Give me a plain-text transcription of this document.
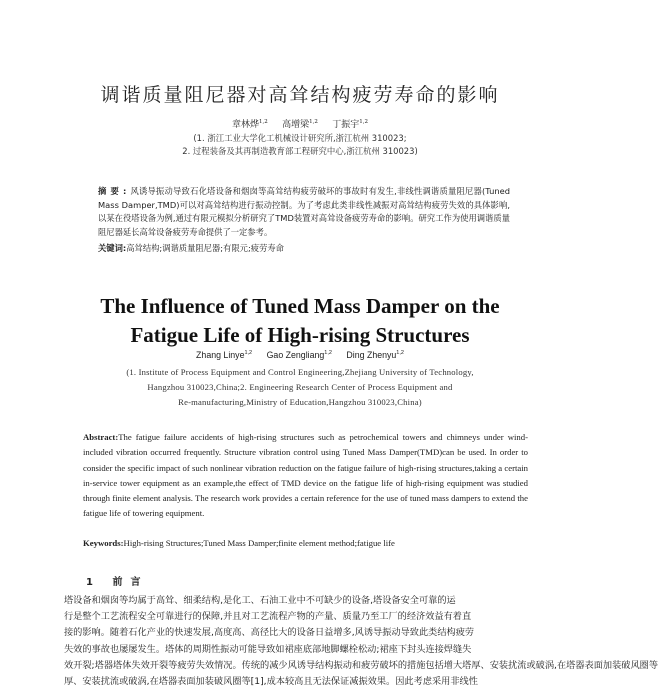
调谐质量阻尼器对高耸结构疲劳寿命的影响
章林烨$^{1,2}$ 高增梁$^{1,2}$ 丁振宇$^{1,2}$
(1. 浙江工业大学化工机械设计研究所,浙江杭州 310023;
2. 过程装备及其再制造教育部工程研究中心,浙江杭州 310023)
摘要:风诱导振动导致石化塔设备和烟囱等高耸结构疲劳破坏的事故时有发生,非线性调谐质量阻尼器(Tuned Mass Damper,TMD)可以对高耸结构进行振动控制。为了考虑此类非线性减振对高耸结构疲劳失效的具体影响,以某在役塔设备为例,通过有限元模拟分析研究了TMD装置对高耸设备疲劳寿命的影响。研究工作为使用调谐质量阻尼器延长高耸设备疲劳寿命提供了一定参考。
关键词:高耸结构;调谐质量阻尼器;有限元;疲劳寿命
The Influence of Tuned Mass Damper on the
Fatigue Life of High-rising Structures
Zhang Linye$^{1,2}$ Gao Zengliang$^{1,2}$ Ding Zhenyu$^{1,2}$
(1. Institute of Process Equipment and Control Engineering,Zhejiang University of Technology,
Hangzhou 310023,China;2. Engineering Research Center of Process Equipment and
Re-manufacturing,Ministry of Education,Hangzhou 310023,China)
Abstract:The fatigue failure accidents of high-rising structures such as petrochemical towers and chimneys under wind-included vibration occurred frequently. Structure vibration control using Tuned Mass Damper(TMD)can be used. In order to consider the specific impact of such nonlinear vibration reduction on the fatigue failure of high-rising structures,taking a certain in-service tower equipment as an example,the effect of TMD device on the fatigue life of high-rising equipment was studied through finite element analysis. The research work provides a certain reference for the use of tuned mass dampers to extend the fatigue life of towering equipment.
Keywords:High-rising Structures;Tuned Mass Damper;finite element method;fatigue life
1 前言
塔设备和烟囱等均属于高耸、细柔结构,是化工、石油工业中不可缺少的设备,塔设备安全可靠的运
行是整个工艺流程安全可靠进行的保障,并且对工艺流程产物的产量、质量乃至工厂的经济效益有着直
接的影响。随着石化产业的快速发展,高度高、高径比大的设备日益增多,风诱导振动导致此类结构疲劳
失效的事故也屡屡发生。塔体的周期性振动可能导致如裙座底部地脚螺栓松动;裙座下封头连接焊缝失
效开裂;塔器塔体失效开裂等疲劳失效情况。传统的减少风诱导结构振动和疲劳破坏的措施包括增大塔厚、安装扰流或破涡,在塔器表面加装破风圈等
厚、安装扰流或破涡,在塔器表面加装破风圈等[1],成本较高且无法保证减振效果。因此考虑采用非线性
